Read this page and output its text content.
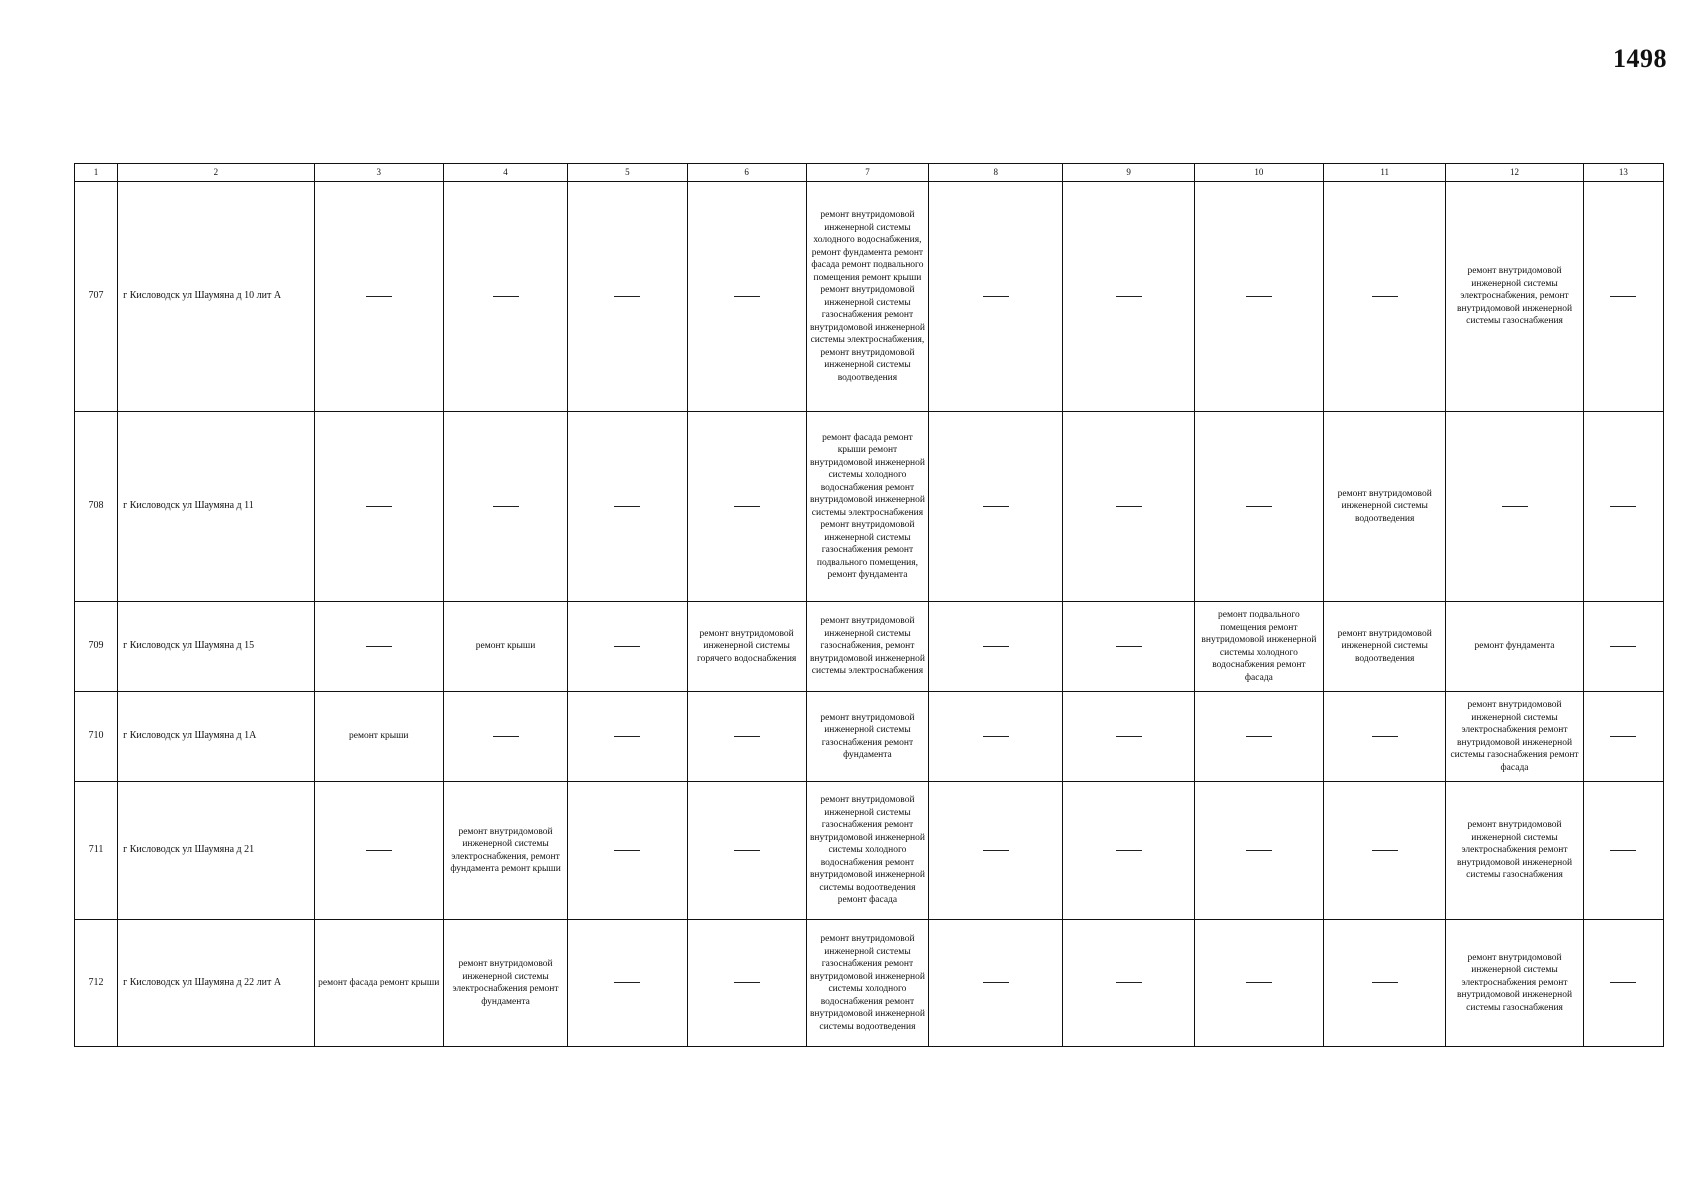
1498
1	2	3	4	5	6	7	8	9	10	11	12	13
707	г Кисловодск ул Шаумяна д 10 лит А					ремонт внутридомовой инженерной системы холодного водоснабжения, ремонт фундамента ремонт фасада ремонт подвального помещения ремонт крыши ремонт внутридомовой инженерной системы газоснабжения ремонт внутридомовой инженерной системы электроснабжения, ремонт внутридомовой инженерной системы водоотведения					ремонт внутридомовой инженерной системы электроснабжения, ремонт внутридомовой инженерной системы газоснабжения	
708	г Кисловодск ул Шаумяна д 11					ремонт фасада ремонт крыши ремонт внутридомовой инженерной системы холодного водоснабжения ремонт внутридомовой инженерной системы электроснабжения ремонт внутридомовой инженерной системы газоснабжения ремонт подвального помещения, ремонт фундамента				ремонт внутридомовой инженерной системы водоотведения		
709	г Кисловодск ул Шаумяна д 15		ремонт крыши		ремонт внутридомовой инженерной системы горячего водоснабжения	ремонт внутридомовой инженерной системы газоснабжения, ремонт внутридомовой инженерной системы электроснабжения			ремонт подвального помещения ремонт внутридомовой инженерной системы холодного водоснабжения ремонт фасада	ремонт внутридомовой инженерной системы водоотведения	ремонт фундамента	
710	г Кисловодск ул Шаумяна д 1А	ремонт крыши				ремонт внутридомовой инженерной системы газоснабжения ремонт фундамента					ремонт внутридомовой инженерной системы электроснабжения ремонт внутридомовой инженерной системы газоснабжения ремонт фасада	
711	г Кисловодск ул Шаумяна д 21		ремонт внутридомовой инженерной системы электроснабжения, ремонт фундамента ремонт крыши			ремонт внутридомовой инженерной системы газоснабжения ремонт внутридомовой инженерной системы холодного водоснабжения ремонт внутридомовой инженерной системы водоотведения ремонт фасада					ремонт внутридомовой инженерной системы электроснабжения ремонт внутридомовой инженерной системы газоснабжения	
712	г Кисловодск ул Шаумяна д 22 лит А	ремонт фасада ремонт крыши	ремонт внутридомовой инженерной системы электроснабжения ремонт фундамента			ремонт внутридомовой инженерной системы газоснабжения ремонт внутридомовой инженерной системы холодного водоснабжения ремонт внутридомовой инженерной системы водоотведения					ремонт внутридомовой инженерной системы электроснабжения ремонт внутридомовой инженерной системы газоснабжения	
